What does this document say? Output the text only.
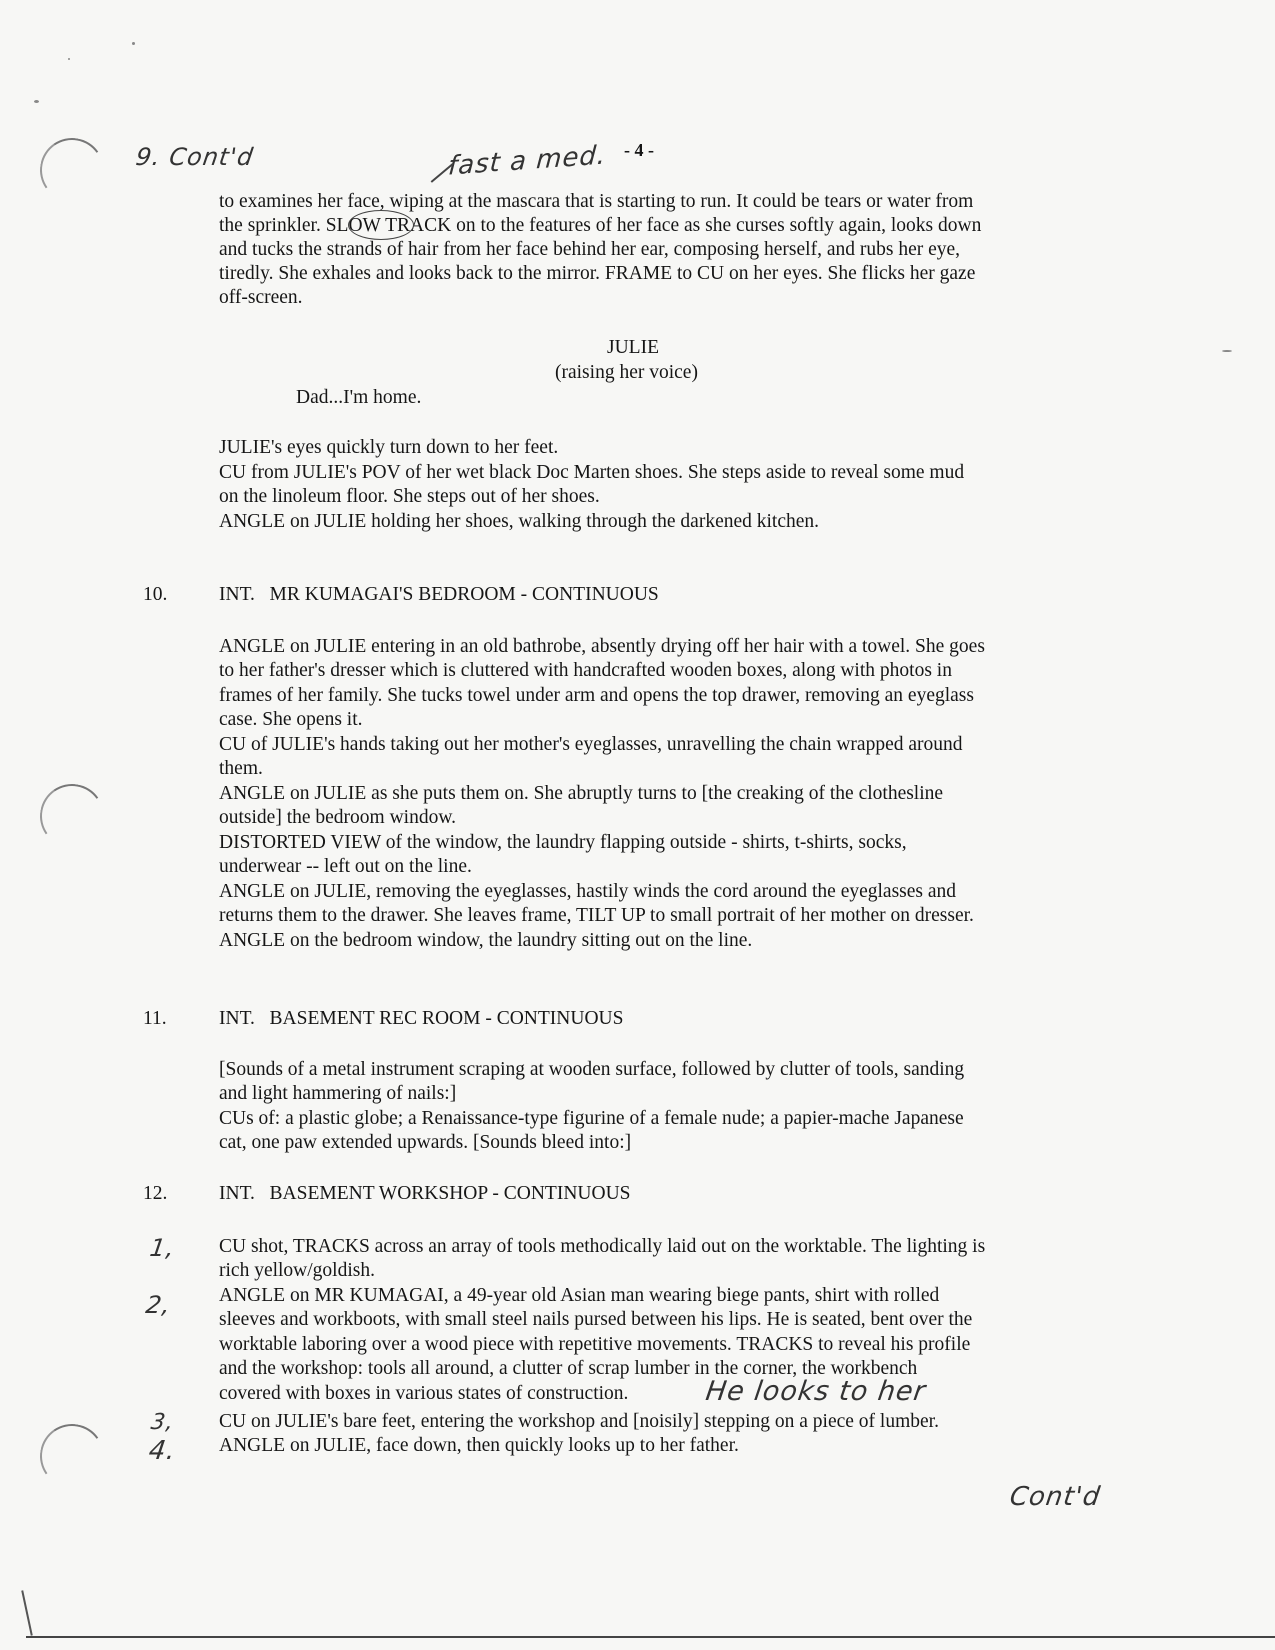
9. Cont'd	fast a med. - 4 -
to examines her face, wiping at the mascara that is starting to run. It could be tears or water from
the sprinkler. SLOW TRACK on to the features of her face as she curses softly again, looks down
and tucks the strands of hair from her face behind her ear, composing herself, and rubs her eye,
tiredly. She exhales and looks back to the mirror. FRAME to CU on her eyes. She flicks her gaze
off-screen.
JULIE
(raising her voice)
Dad...I'm home.
JULIE's eyes quickly turn down to her feet.
CU from JULIE's POV of her wet black Doc Marten shoes. She steps aside to reveal some mud
on the linoleum floor. She steps out of her shoes.
ANGLE on JULIE holding her shoes, walking through the darkened kitchen.
10.	INT.   MR KUMAGAI'S BEDROOM - CONTINUOUS
ANGLE on JULIE entering in an old bathrobe, absently drying off her hair with a towel. She goes
to her father's dresser which is cluttered with handcrafted wooden boxes, along with photos in
frames of her family. She tucks towel under arm and opens the top drawer, removing an eyeglass
case. She opens it.
CU of JULIE's hands taking out her mother's eyeglasses, unravelling the chain wrapped around
them.
ANGLE on JULIE as she puts them on. She abruptly turns to [the creaking of the clothesline
outside] the bedroom window.
DISTORTED VIEW of the window, the laundry flapping outside - shirts, t-shirts, socks,
underwear -- left out on the line.
ANGLE on JULIE, removing the eyeglasses, hastily winds the cord around the eyeglasses and
returns them to the drawer. She leaves frame, TILT UP to small portrait of her mother on dresser.
ANGLE on the bedroom window, the laundry sitting out on the line.
11.	INT.   BASEMENT REC ROOM - CONTINUOUS
[Sounds of a metal instrument scraping at wooden surface, followed by clutter of tools, sanding
and light hammering of nails:]
CUs of: a plastic globe; a Renaissance-type figurine of a female nude; a papier-mache Japanese
cat, one paw extended upwards. [Sounds bleed into:]
12.	INT.   BASEMENT WORKSHOP - CONTINUOUS
1, CU shot, TRACKS across an array of tools methodically laid out on the worktable. The lighting is
rich yellow/goldish.
2, ANGLE on MR KUMAGAI, a 49-year old Asian man wearing biege pants, shirt with rolled
sleeves and workboots, with small steel nails pursed between his lips. He is seated, bent over the
worktable laboring over a wood piece with repetitive movements. TRACKS to reveal his profile
and the workshop: tools all around, a clutter of scrap lumber in the corner, the workbench
covered with boxes in various states of construction.	He looks to her
3, CU on JULIE's bare feet, entering the workshop and [noisily] stepping on a piece of lumber.
4. ANGLE on JULIE, face down, then quickly looks up to her father.
Cont'd
